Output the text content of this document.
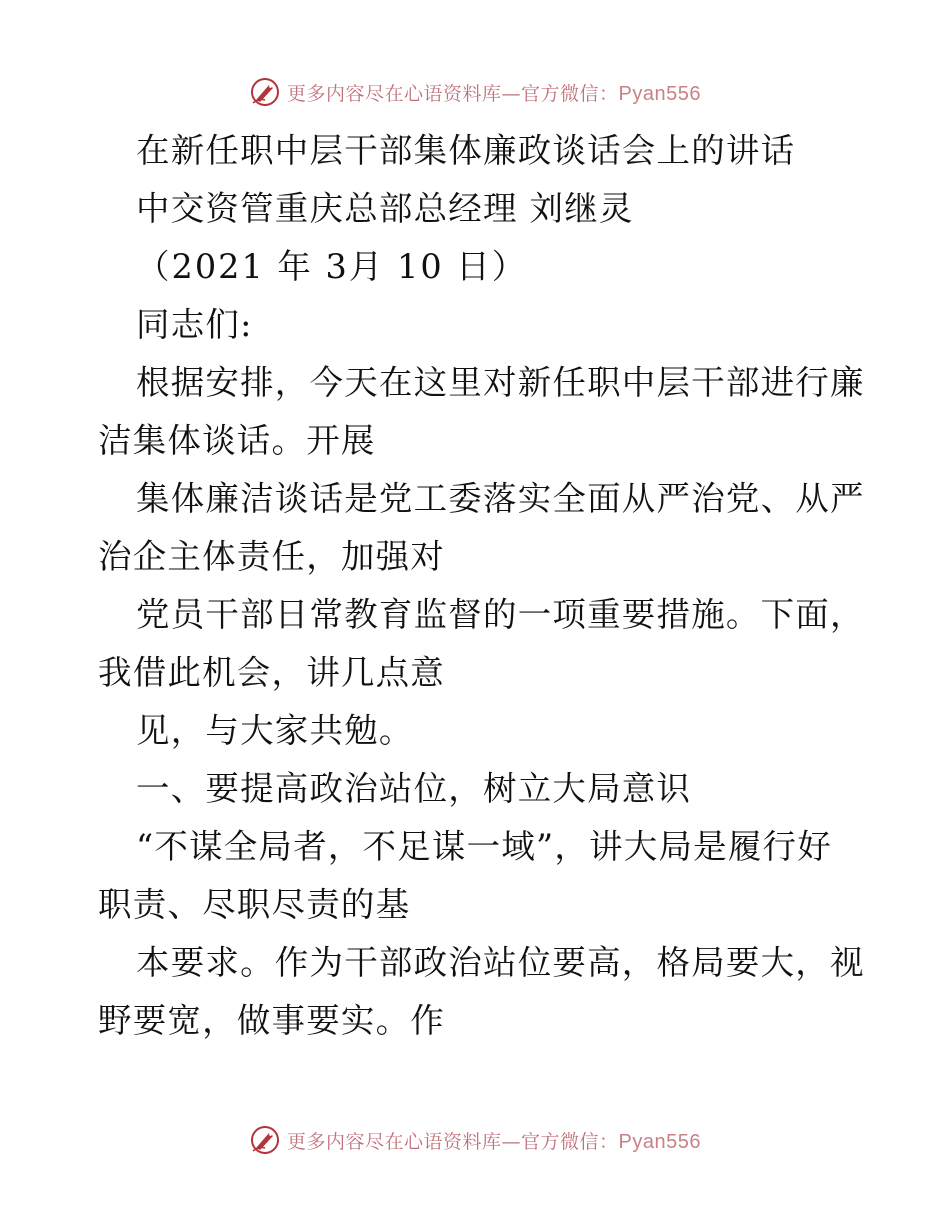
更多内容尽在心语资料库—官方微信：Pyan556
在新任职中层干部集体廉政谈话会上的讲话
中交资管重庆总部总经理 刘继灵
（2021 年 3月 10 日）
同志们:
根据安排，今天在这里对新任职中层干部进行廉
洁集体谈话。开展
集体廉洁谈话是党工委落实全面从严治党、从严
治企主体责任，加强对
党员干部日常教育监督的一项重要措施。下面，
我借此机会，讲几点意
见，与大家共勉。
一、要提高政治站位，树立大局意识
“不谋全局者，不足谋一域”，讲大局是履行好
职责、尽职尽责的基
本要求。作为干部政治站位要高，格局要大，视
野要宽，做事要实。作
更多内容尽在心语资料库—官方微信：Pyan556
